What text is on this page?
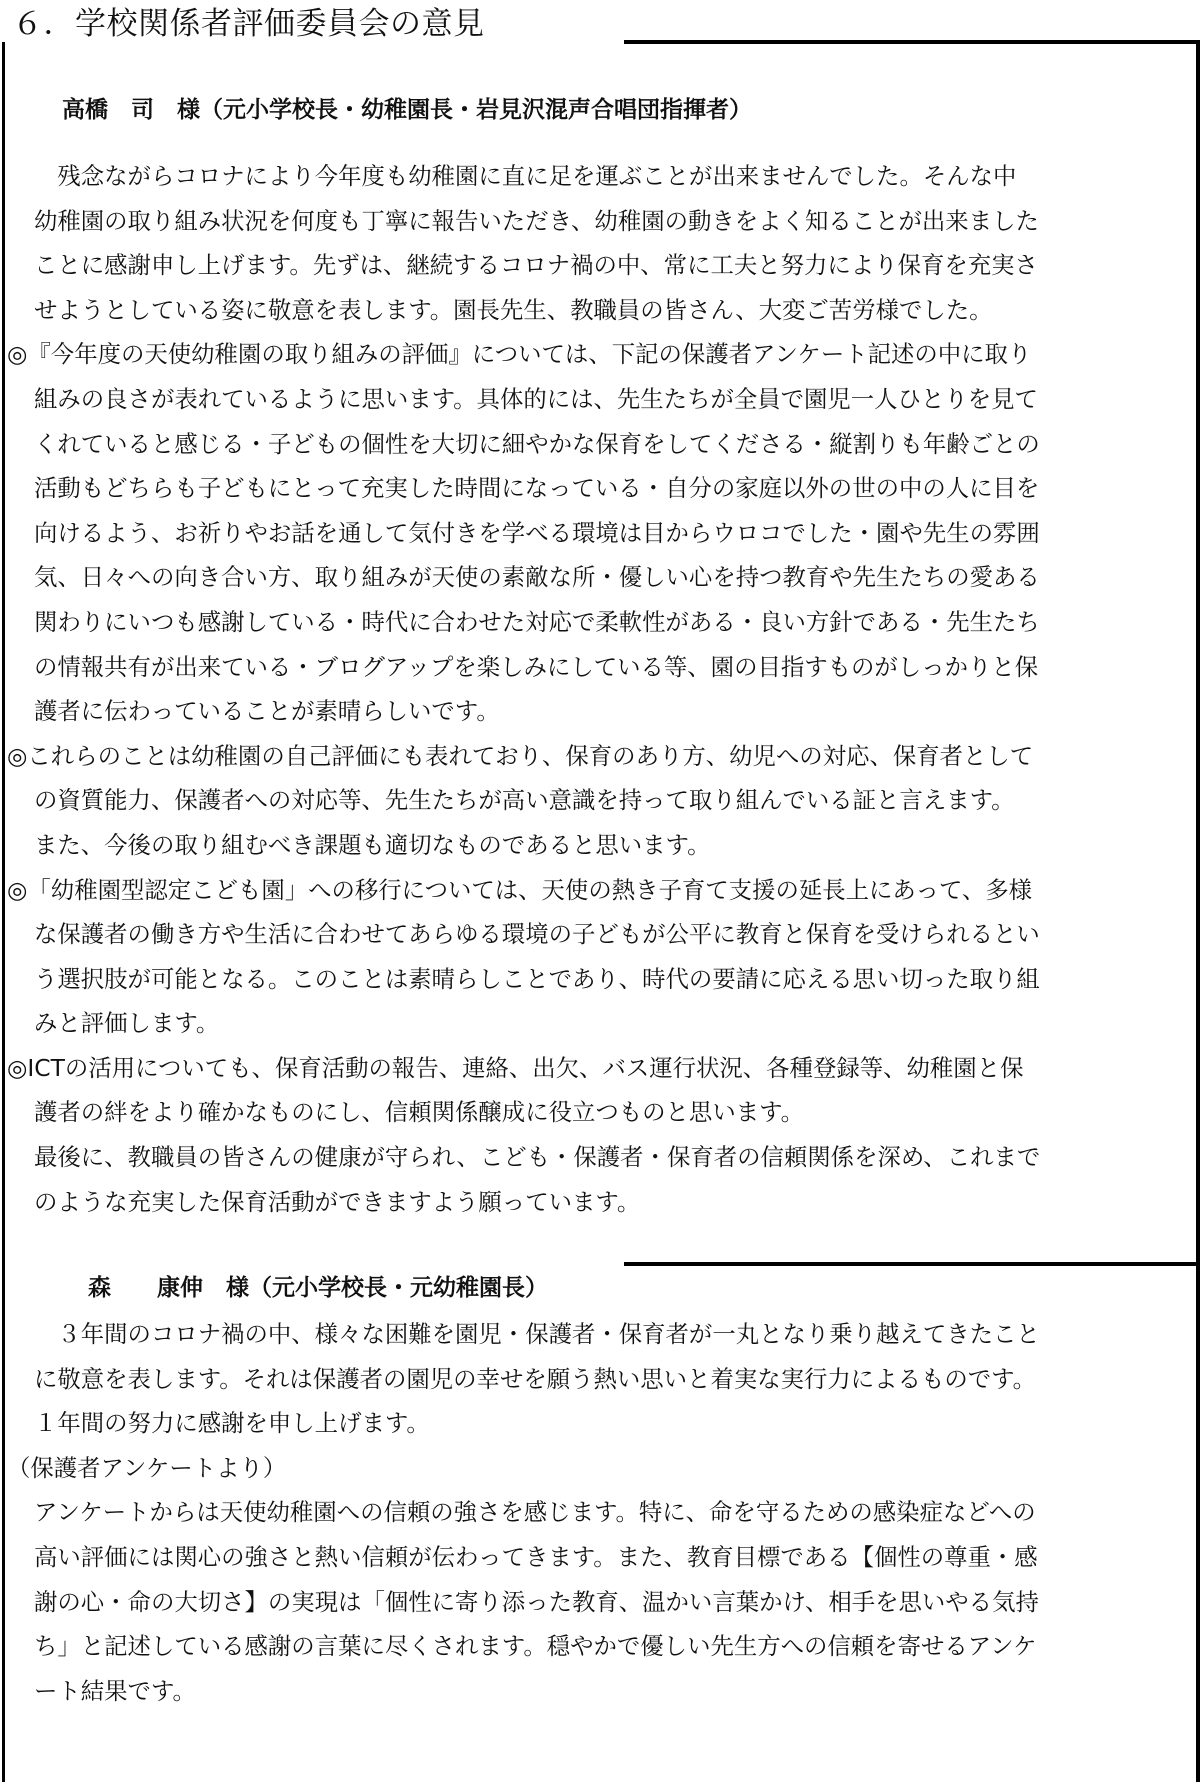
６．学校関係者評価委員会の意見
高橋　司　様（元小学校長・幼稚園長・岩見沢混声合唱団指揮者）
　残念ながらコロナにより今年度も幼稚園に直に足を運ぶことが出来ませんでした。そんな中
幼稚園の取り組み状況を何度も丁寧に報告いただき、幼稚園の動きをよく知ることが出来ました
ことに感謝申し上げます。先ずは、継続するコロナ禍の中、常に工夫と努力により保育を充実さ
せようとしている姿に敬意を表します。園長先生、教職員の皆さん、大変ご苦労様でした。
◎『今年度の天使幼稚園の取り組みの評価』については、下記の保護者アンケート記述の中に取り
組みの良さが表れているように思います。具体的には、先生たちが全員で園児一人ひとりを見て
くれていると感じる・子どもの個性を大切に細やかな保育をしてくださる・縦割りも年齢ごとの
活動もどちらも子どもにとって充実した時間になっている・自分の家庭以外の世の中の人に目を
向けるよう、お祈りやお話を通して気付きを学べる環境は目からウロコでした・園や先生の雰囲
気、日々への向き合い方、取り組みが天使の素敵な所・優しい心を持つ教育や先生たちの愛ある
関わりにいつも感謝している・時代に合わせた対応で柔軟性がある・良い方針である・先生たち
の情報共有が出来ている・ブログアップを楽しみにしている等、園の目指すものがしっかりと保
護者に伝わっていることが素晴らしいです。
◎これらのことは幼稚園の自己評価にも表れており、保育のあり方、幼児への対応、保育者として
の資質能力、保護者への対応等、先生たちが高い意識を持って取り組んでいる証と言えます。
また、今後の取り組むべき課題も適切なものであると思います。
◎「幼稚園型認定こども園」への移行については、天使の熱き子育て支援の延長上にあって、多様
な保護者の働き方や生活に合わせてあらゆる環境の子どもが公平に教育と保育を受けられるとい
う選択肢が可能となる。このことは素晴らしことであり、時代の要請に応える思い切った取り組
みと評価します。
◎ICTの活用についても、保育活動の報告、連絡、出欠、バス運行状況、各種登録等、幼稚園と保
護者の絆をより確かなものにし、信頼関係醸成に役立つものと思います。
最後に、教職員の皆さんの健康が守られ、こども・保護者・保育者の信頼関係を深め、これまで
のような充実した保育活動ができますよう願っています。
森　　康伸　様（元小学校長・元幼稚園長）
　３年間のコロナ禍の中、様々な困難を園児・保護者・保育者が一丸となり乗り越えてきたこと
に敬意を表します。それは保護者の園児の幸せを願う熱い思いと着実な実行力によるものです。
１年間の努力に感謝を申し上げます。
（保護者アンケートより）
アンケートからは天使幼稚園への信頼の強さを感じます。特に、命を守るための感染症などへの
高い評価には関心の強さと熱い信頼が伝わってきます。また、教育目標である【個性の尊重・感
謝の心・命の大切さ】の実現は「個性に寄り添った教育、温かい言葉かけ、相手を思いやる気持
ち」と記述している感謝の言葉に尽くされます。穏やかで優しい先生方への信頼を寄せるアンケ
ート結果です。
